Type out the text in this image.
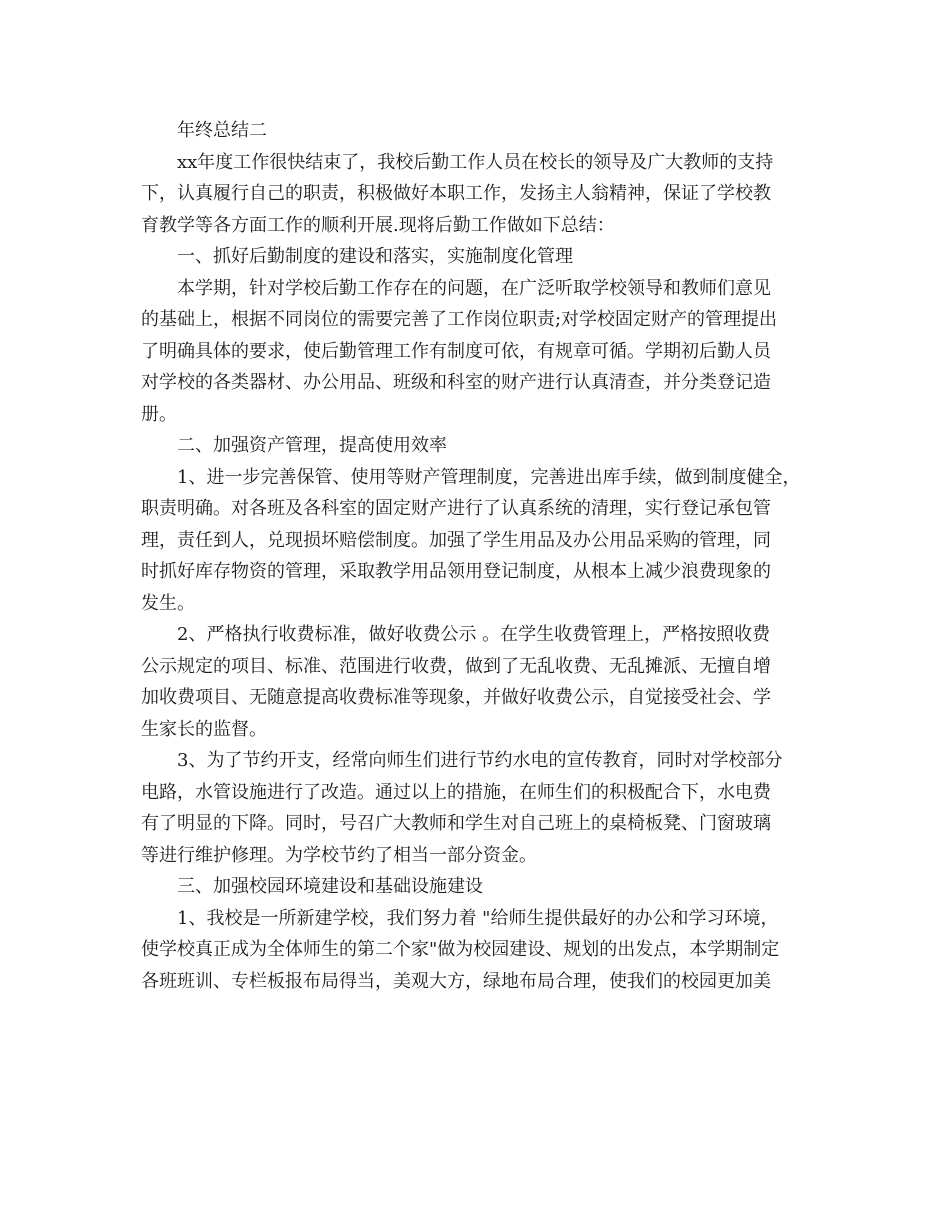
年终总结二
xx年度工作很快结束了，我校后勤工作人员在校长的领导及广大教师的支持
下，认真履行自己的职责，积极做好本职工作，发扬主人翁精神，保证了学校教
育教学等各方面工作的顺利开展.现将后勤工作做如下总结：
一、抓好后勤制度的建设和落实，实施制度化管理
本学期，针对学校后勤工作存在的问题，在广泛听取学校领导和教师们意见
的基础上，根据不同岗位的需要完善了工作岗位职责;对学校固定财产的管理提出
了明确具体的要求，使后勤管理工作有制度可依，有规章可循。学期初后勤人员
对学校的各类器材、办公用品、班级和科室的财产进行认真清查，并分类登记造
册。
二、加强资产管理，提高使用效率
1、进一步完善保管、使用等财产管理制度，完善进出库手续，做到制度健全，
职责明确。对各班及各科室的固定财产进行了认真系统的清理，实行登记承包管
理，责任到人，兑现损坏赔偿制度。加强了学生用品及办公用品采购的管理，同
时抓好库存物资的管理，采取教学用品领用登记制度，从根本上减少浪费现象的
发生。
2、严格执行收费标准，做好收费公示 。在学生收费管理上，严格按照收费
公示规定的项目、标准、范围进行收费，做到了无乱收费、无乱摊派、无擅自增
加收费项目、无随意提高收费标准等现象，并做好收费公示，自觉接受社会、学
生家长的监督。
3、为了节约开支，经常向师生们进行节约水电的宣传教育，同时对学校部分
电路，水管设施进行了改造。通过以上的措施，在师生们的积极配合下，水电费
有了明显的下降。同时，号召广大教师和学生对自己班上的桌椅板凳、门窗玻璃
等进行维护修理。为学校节约了相当一部分资金。
三、加强校园环境建设和基础设施建设
1、我校是一所新建学校，我们努力着 "给师生提供最好的办公和学习环境，
使学校真正成为全体师生的第二个家"做为校园建设、规划的出发点，本学期制定
各班班训、专栏板报布局得当，美观大方，绿地布局合理，使我们的校园更加美
